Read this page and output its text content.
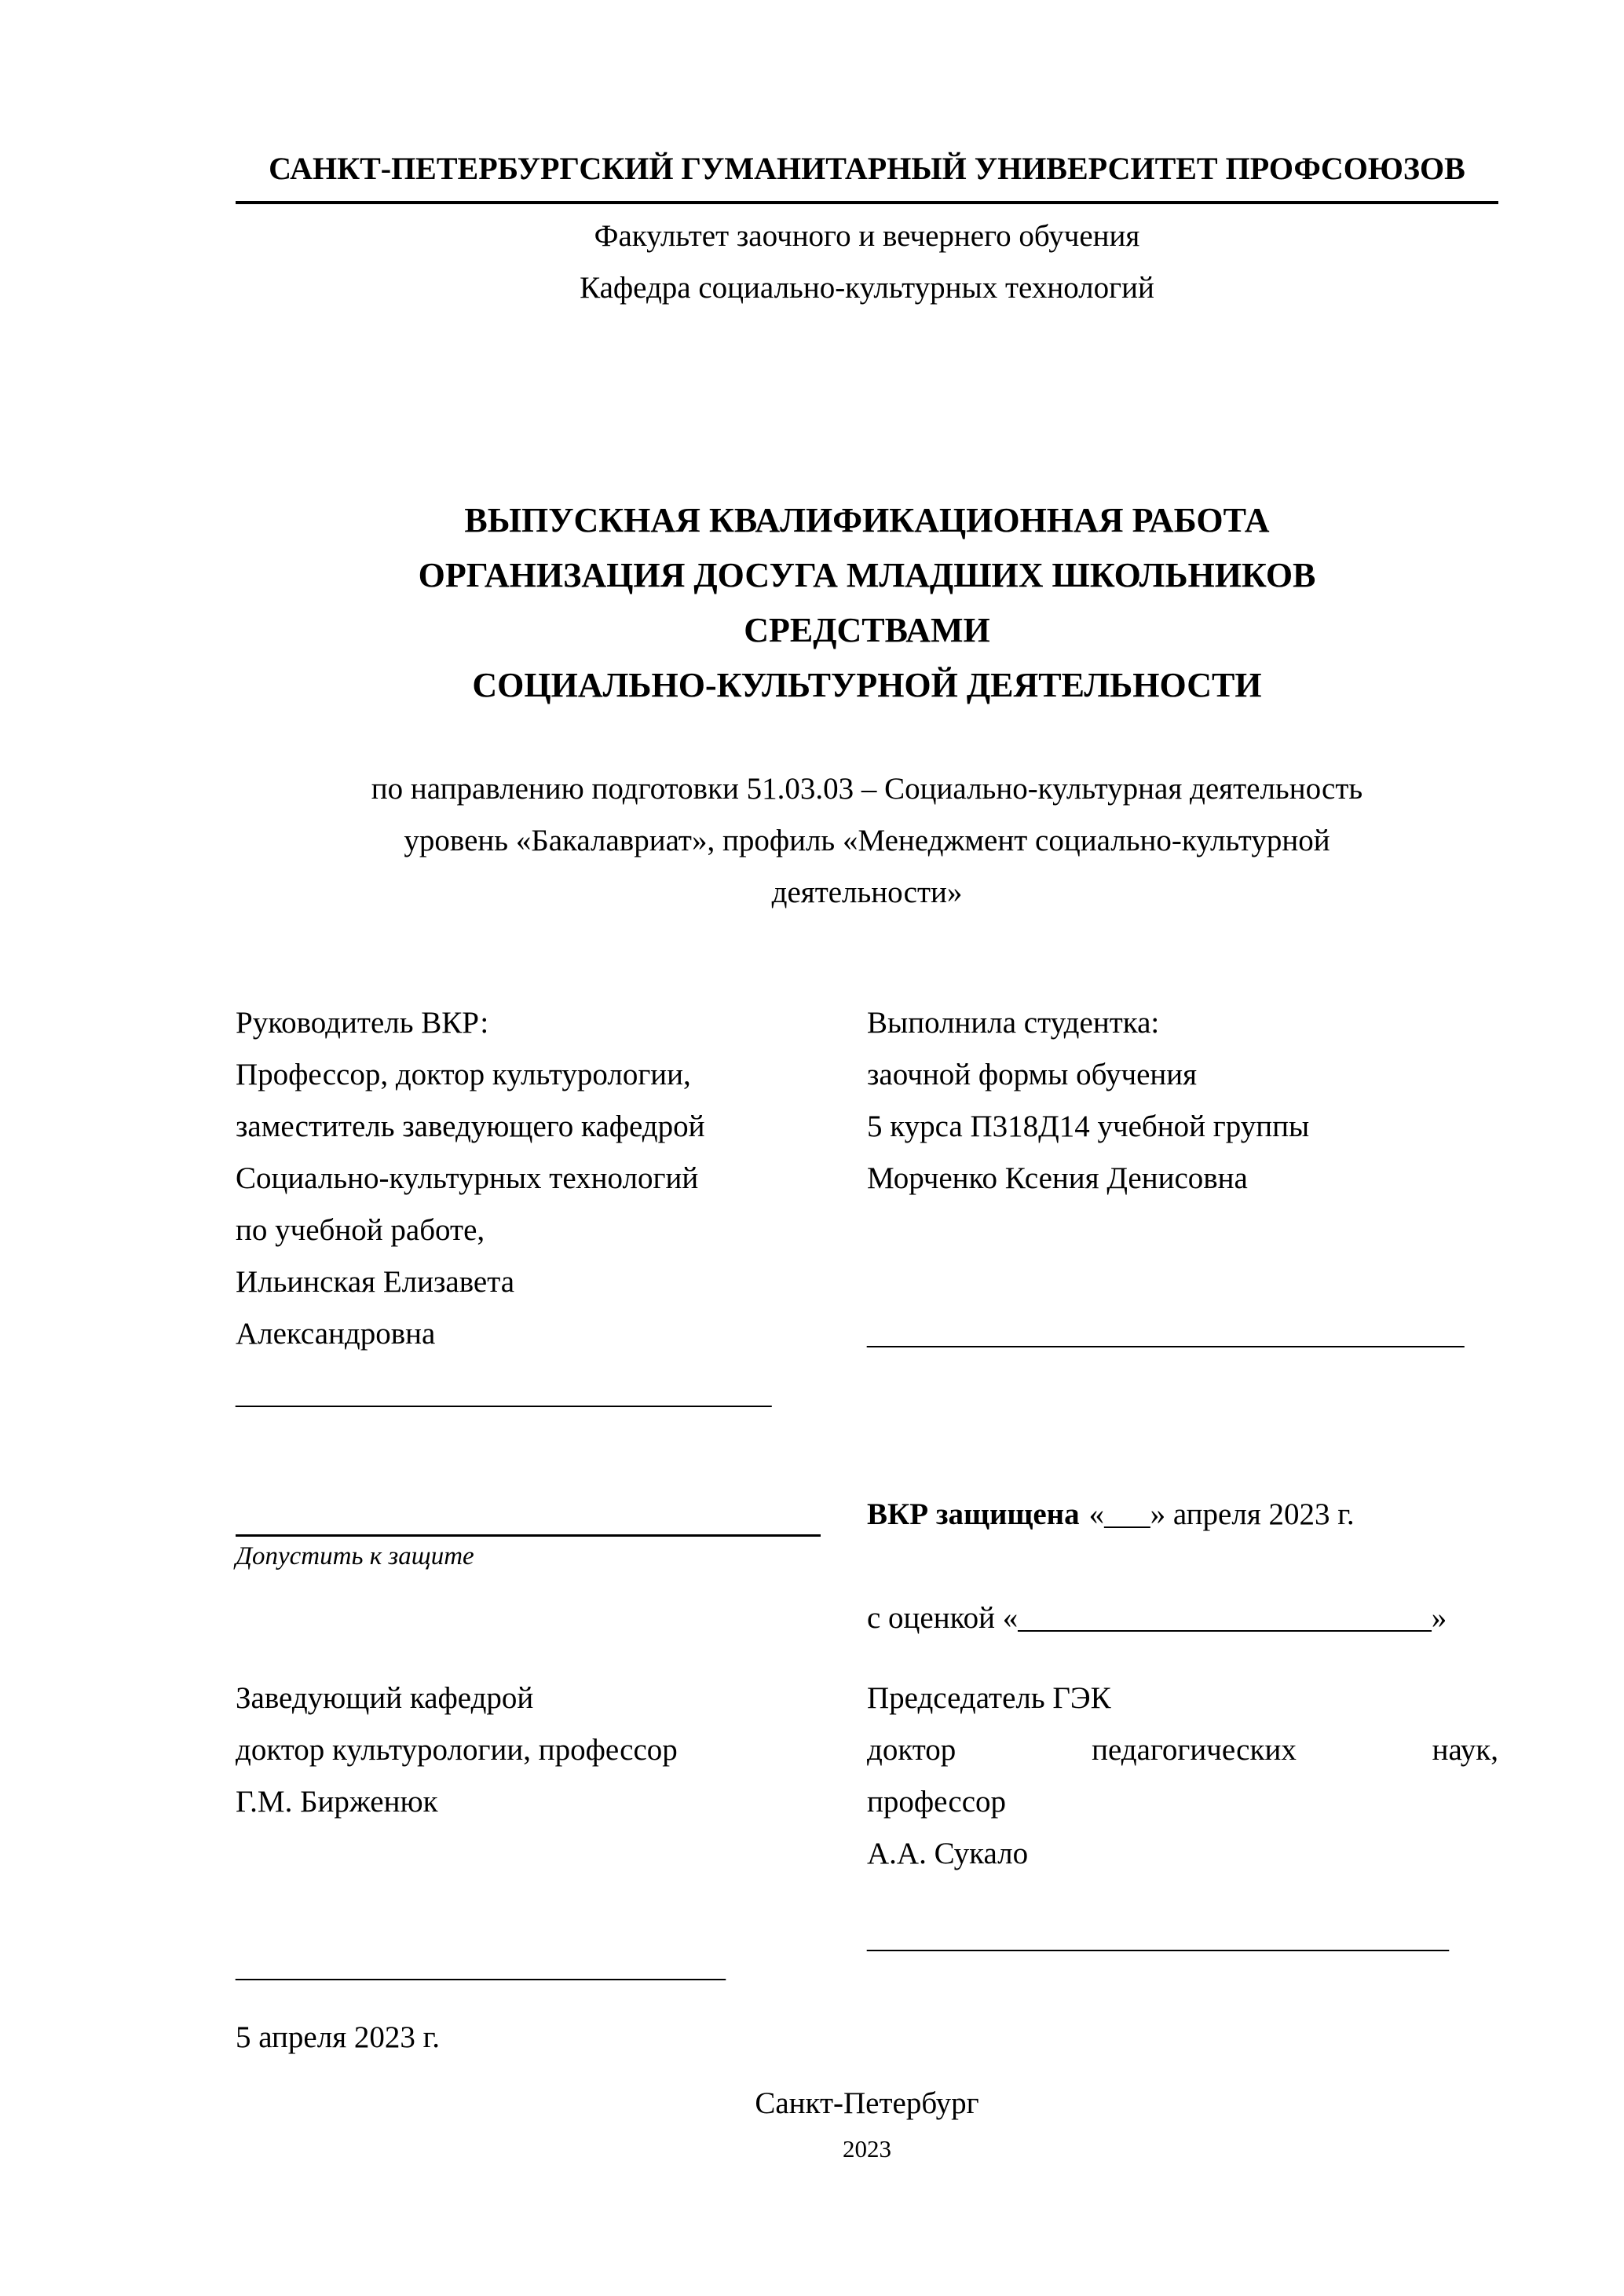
САНКТ-ПЕТЕРБУРГСКИЙ ГУМАНИТАРНЫЙ УНИВЕРСИТЕТ ПРОФСОЮЗОВ
Факультет заочного и вечернего обучения
Кафедра социально-культурных технологий
ВЫПУСКНАЯ КВАЛИФИКАЦИОННАЯ РАБОТА
ОРГАНИЗАЦИЯ ДОСУГА МЛАДШИХ ШКОЛЬНИКОВ
СРЕДСТВАМИ
СОЦИАЛЬНО-КУЛЬТУРНОЙ ДЕЯТЕЛЬНОСТИ
по направлению подготовки 51.03.03 – Социально-культурная деятельность
уровень «Бакалавриат», профиль «Менеджмент социально-культурной
деятельности»
Руководитель ВКР:
Профессор, доктор культурологии,
заместитель заведующего кафедрой
Социально-культурных технологий
по учебной работе,
Ильинская Елизавета
Александровна
___________________________________
Выполнила студентка:
заочной формы обучения
5 курса П318Д14 учебной группы
Морченко Ксения Денисовна
_______________________________________
Допустить к защите
ВКР защищена «___» апреля 2023 г.
с оценкой «___________________________»
Заведующий кафедрой
доктор культурологии, профессор
Г.М. Бирженюк
________________________________
5 апреля 2023 г.
Председатель ГЭК
доктор	педагогических	наук,
профессор
А.А. Сукало
______________________________________
Санкт-Петербург
2023
